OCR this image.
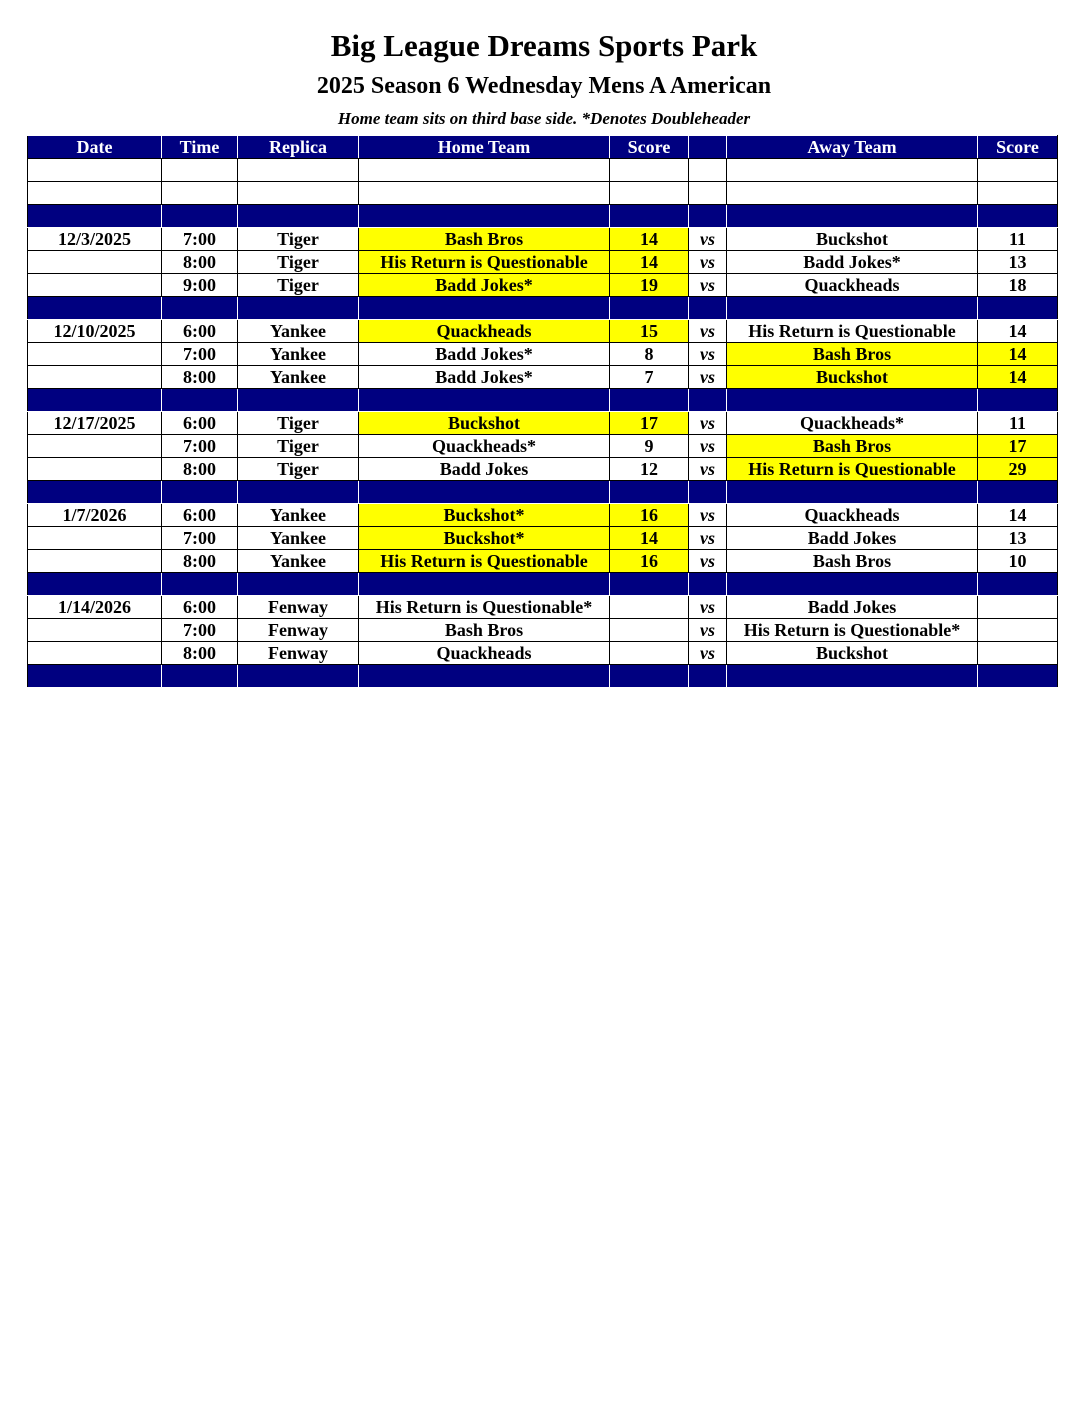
Big League Dreams Sports Park
2025 Season 6 Wednesday Mens A American
Home team sits on third base side. *Denotes Doubleheader
Date	Time	Replica	Home Team	Score		Away Team	Score

12/3/2025	7:00	Tiger	Bash Bros	14	vs	Buckshot	11
	8:00	Tiger	His Return is Questionable	14	vs	Badd Jokes*	13
	9:00	Tiger	Badd Jokes*	19	vs	Quackheads	18

12/10/2025	6:00	Yankee	Quackheads	15	vs	His Return is Questionable	14
	7:00	Yankee	Badd Jokes*	8	vs	Bash Bros	14
	8:00	Yankee	Badd Jokes*	7	vs	Buckshot	14

12/17/2025	6:00	Tiger	Buckshot	17	vs	Quackheads*	11
	7:00	Tiger	Quackheads*	9	vs	Bash Bros	17
	8:00	Tiger	Badd Jokes	12	vs	His Return is Questionable	29

1/7/2026	6:00	Yankee	Buckshot*	16	vs	Quackheads	14
	7:00	Yankee	Buckshot*	14	vs	Badd Jokes	13
	8:00	Yankee	His Return is Questionable	16	vs	Bash Bros	10

1/14/2026	6:00	Fenway	His Return is Questionable*		vs	Badd Jokes	
	7:00	Fenway	Bash Bros		vs	His Return is Questionable*	
	8:00	Fenway	Quackheads		vs	Buckshot	
